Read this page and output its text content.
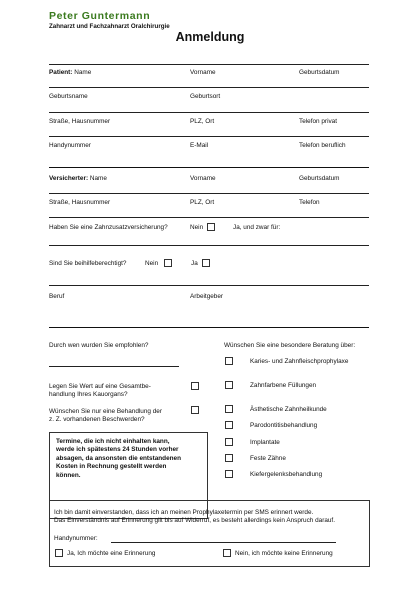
Peter Guntermann
Zahnarzt und Fachzahnarzt Oralchirurgie
Anmeldung
Patient: Name	Vorname	Geburtsdatum
Geburtsname	Geburtsort
Straße, Hausnummer	PLZ, Ort	Telefon privat
Handynummer	E-Mail	Telefon beruflich
Versicherter: Name	Vorname	Geburtsdatum
Straße, Hausnummer	PLZ, Ort	Telefon
Haben Sie eine Zahnzusatzversicherung?	Nein	Ja, und zwar für:
Sind Sie beihilfeberechtigt?	Nein	Ja
Beruf	Arbeitgeber
Durch wen wurden Sie empfohlen?
Legen Sie Wert auf eine Gesamtbe-
handlung Ihres Kauorgans?
Wünschen Sie nur eine Behandlung der
z. Z. vorhandenen Beschwerden?
Wünschen Sie eine besondere Beratung über:
Karies- und Zahnfleischprophylaxe
Zahnfarbene Füllungen
Ästhetische Zahnheilkunde
Parodontitisbehandlung
Implantate
Feste Zähne
Kiefergelenksbehandlung
Termine, die ich nicht einhalten kann,
werde ich spätestens 24 Stunden vorher
absagen, da ansonsten die entstandenen
Kosten in Rechnung gestellt werden
können.
Ich bin damit einverstanden, dass ich an meinen Prophylaxetermin per SMS erinnert werde.
Das Einverständnis auf Erinnerung gilt bis auf Widerruf, es besteht allerdings kein Anspruch darauf.
Handynummer:
Ja, Ich möchte eine Erinnerung	Nein, ich möchte keine Erinnerung
